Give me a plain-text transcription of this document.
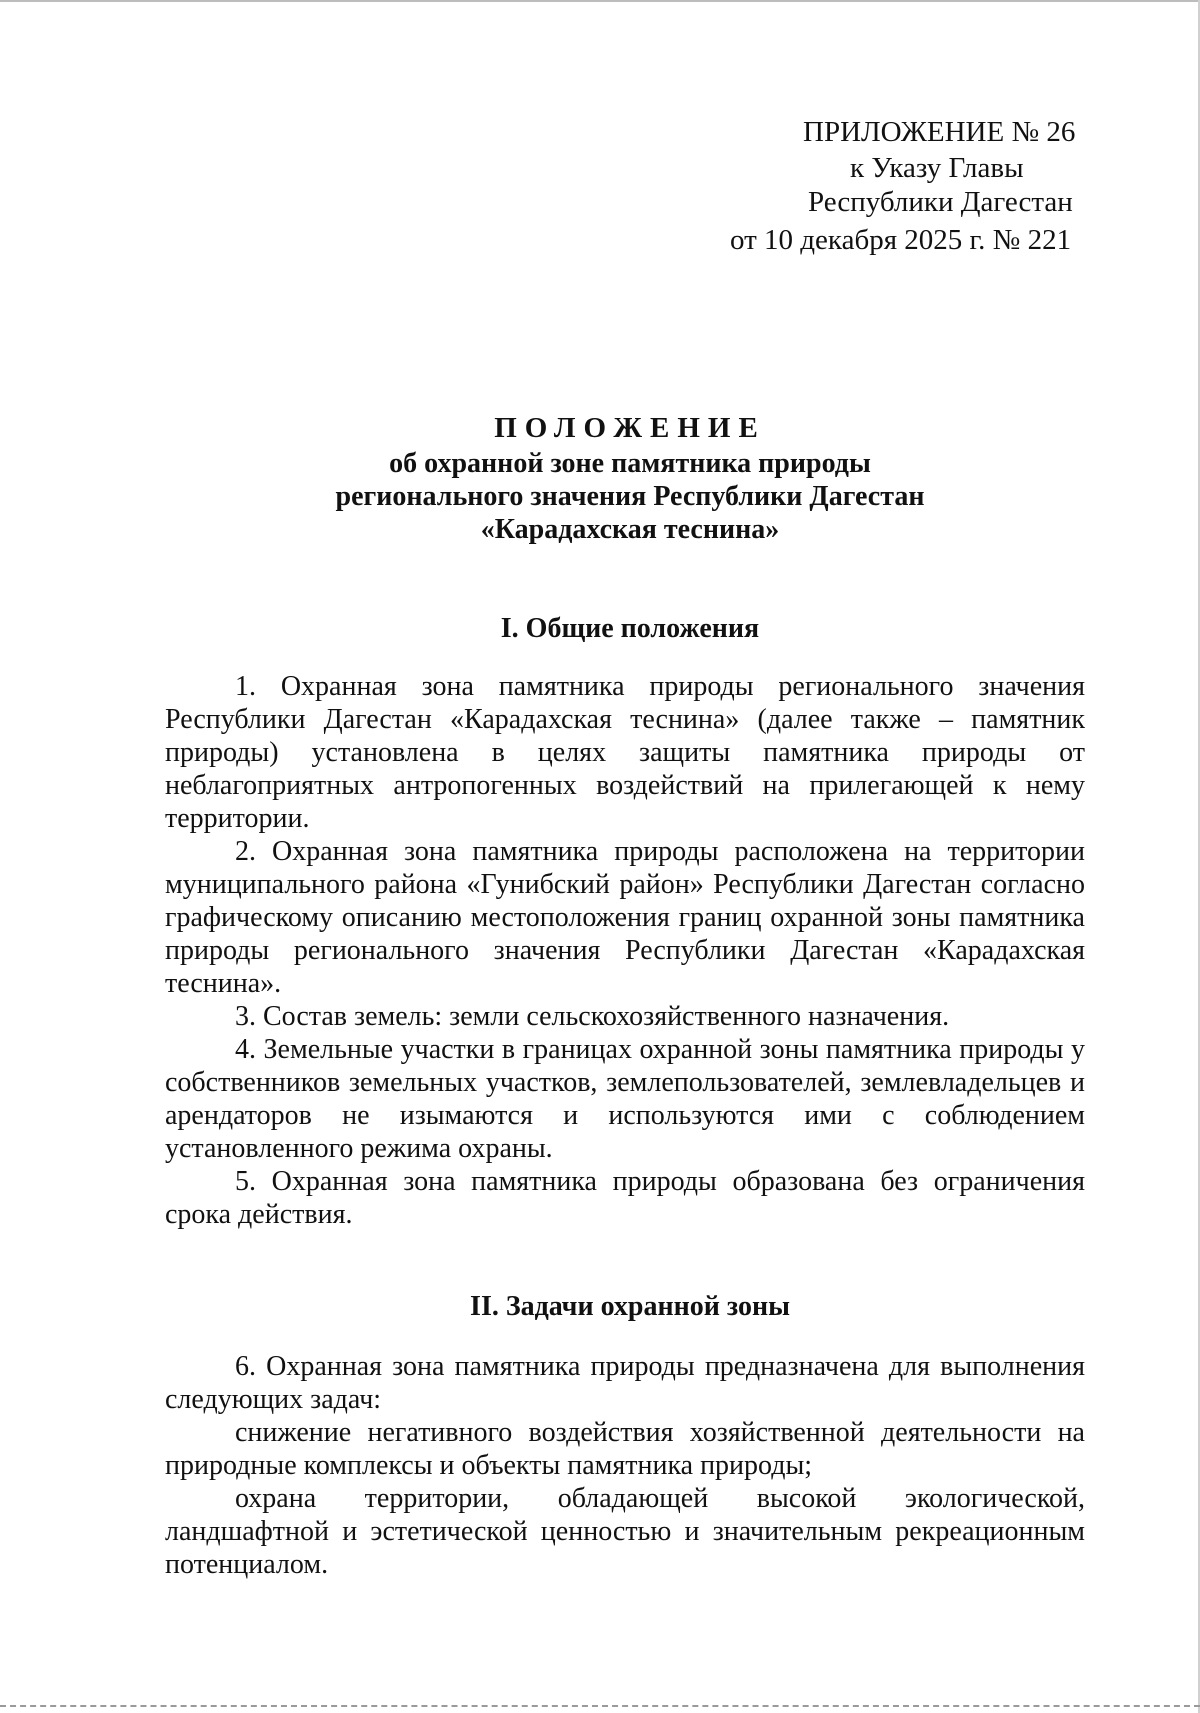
ПРИЛОЖЕНИЕ № 26
к Указу Главы
Республики Дагестан
от 10 декабря 2025 г. № 221
ПОЛОЖЕНИЕ
об охранной зоне памятника природы
регионального значения Республики Дагестан
«Карадахская теснина»
I. Общие положения

1. Охранная зона памятника природы регионального значения Республики Дагестан «Карадахская теснина» (далее также – памятник природы) установлена в целях защиты памятника природы от неблагоприятных антропогенных воздействий на прилегающей к нему территории.

2. Охранная зона памятника природы расположена на территории муниципального района «Гунибский район» Республики Дагестан согласно графическому описанию местоположения границ охранной зоны памятника природы регионального значения Республики Дагестан «Карадахская теснина».

3. Состав земель: земли сельскохозяйственного назначения.

4. Земельные участки в границах охранной зоны памятника природы у собственников земельных участков, землепользователей, землевладельцев и арендаторов не изымаются и используются ими с соблюдением установленного режима охраны.

5. Охранная зона памятника природы образована без ограничения срока действия.

II. Задачи охранной зоны

6. Охранная зона памятника природы предназначена для выполнения следующих задач:

снижение негативного воздействия хозяйственной деятельности на природные комплексы и объекты памятника природы;

охрана территории, обладающей высокой экологической, ландшафтной и эстетической ценностью и значительным рекреационным потенциалом.
